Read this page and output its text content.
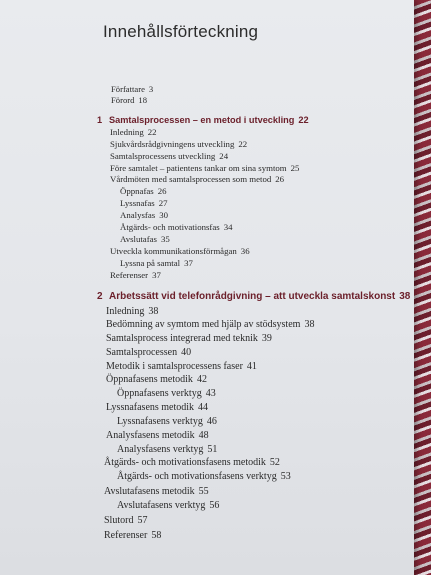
Innehållsförteckning
Författare 3
Förord 18
1 Samtalsprocessen – en metod i utveckling 22
Inledning 22
Sjukvårdsrådgivningens utveckling 22
Samtalsprocessens utveckling 24
Före samtalet – patientens tankar om sina symtom 25
Vårdmöten med samtalsprocessen som metod 26
Öppnafas 26
Lyssnafas 27
Analysfas 30
Åtgärds- och motivationsfas 34
Avslutafas 35
Utveckla kommunikationsförmågan 36
Lyssna på samtal 37
Referenser 37
2 Arbetssätt vid telefonrådgivning – att utveckla samtalskonst 38
Inledning 38
Bedömning av symtom med hjälp av stödsystem 38
Samtalsprocess integrerad med teknik 39
Samtalsprocessen 40
Metodik i samtalsprocessens faser 41
Öppnafasens metodik 42
Öppnafasens verktyg 43
Lyssnafasens metodik 44
Lyssnafasens verktyg 46
Analysfasens metodik 48
Analysfasens verktyg 51
Åtgärds- och motivationsfasens metodik 52
Åtgärds- och motivationsfasens verktyg 53
Avslutafasens metodik 55
Avslutafasens verktyg 56
Slutord 57
Referenser 58
